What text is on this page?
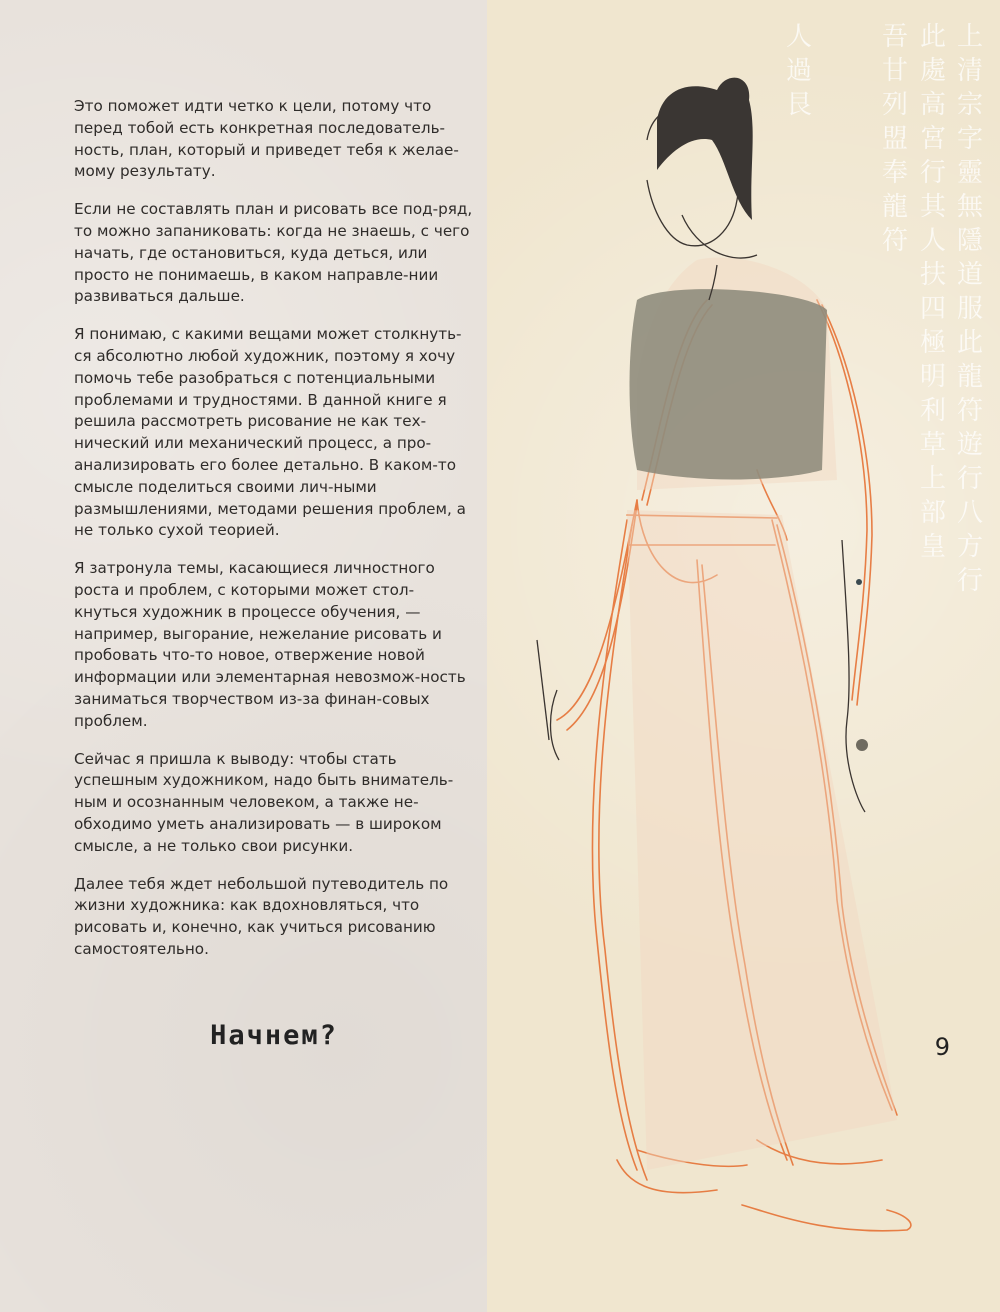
Это поможет идти четко к цели, потому что перед тобой есть конкретная последователь-ность, план, который и приведет тебя к желае-мому результату.

Если не составлять план и рисовать все под-ряд, то можно запаниковать: когда не знаешь, с чего начать, где остановиться, куда деться, или просто не понимаешь, в каком направле-нии развиваться дальше.

Я понимаю, с какими вещами может столкнуть-ся абсолютно любой художник, поэтому я хочу помочь тебе разобраться с потенциальными проблемами и трудностями. В данной книге я решила рассмотреть рисование не как тех-нический или механический процесс, а про-анализировать его более детально. В каком-то смысле поделиться своими лич-ными размышлениями, методами решения проблем, а не только сухой теорией.

Я затронула темы, касающиеся личностного роста и проблем, с которыми может стол-кнуться художник в процессе обучения, — например, выгорание, нежелание рисовать и пробовать что-то новое, отвержение новой информации или элементарная невозмож-ность заниматься творчеством из-за финан-совых проблем.

Сейчас я пришла к выводу: чтобы стать успешным художником, надо быть вниматель-ным и осознанным человеком, а также не-обходимо уметь анализировать — в широком смысле, а не только свои рисунки.

Далее тебя ждет небольшой путеводитель по жизни художника: как вдохновляться, что рисовать и, конечно, как учиться рисованию самостоятельно.

Начнем?
上清宗字靈無隱道服此龍符遊行八方行
此處高宮行其人扶四極明利草上部皇
吾甘列盟奉龍符
人過艮
9
